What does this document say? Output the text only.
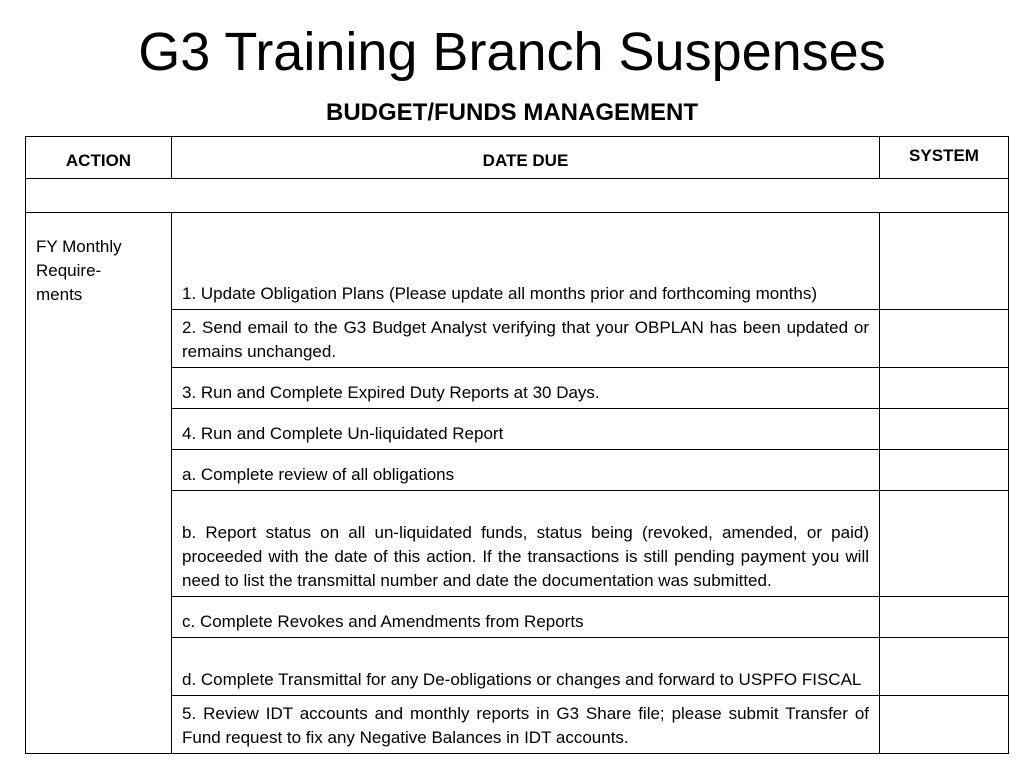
G3 Training Branch Suspenses
BUDGET/FUNDS MANAGEMENT
ACTION	DATE DUE	SYSTEM

FY Monthly
Require-
ments	1. Update Obligation Plans (Please update all months prior and forthcoming months)	

	2. Send email to the G3 Budget Analyst verifying that your OBPLAN has been updated or remains unchanged.	

	3. Run and Complete Expired Duty Reports at 30 Days.	

	4. Run and Complete Un-liquidated Report	

	a. Complete review of all obligations	

	b. Report status on all un-liquidated funds, status being (revoked, amended, or paid) proceeded with the date of this action. If the transactions is still pending payment you will need to list the transmittal number and date the documentation was submitted.	

	c. Complete Revokes and Amendments from Reports	

	d. Complete Transmittal for any De-obligations or changes and forward to USPFO FISCAL	

	5. Review IDT accounts and monthly reports in G3 Share file; please submit Transfer of Fund request to fix any Negative Balances in IDT accounts.	
